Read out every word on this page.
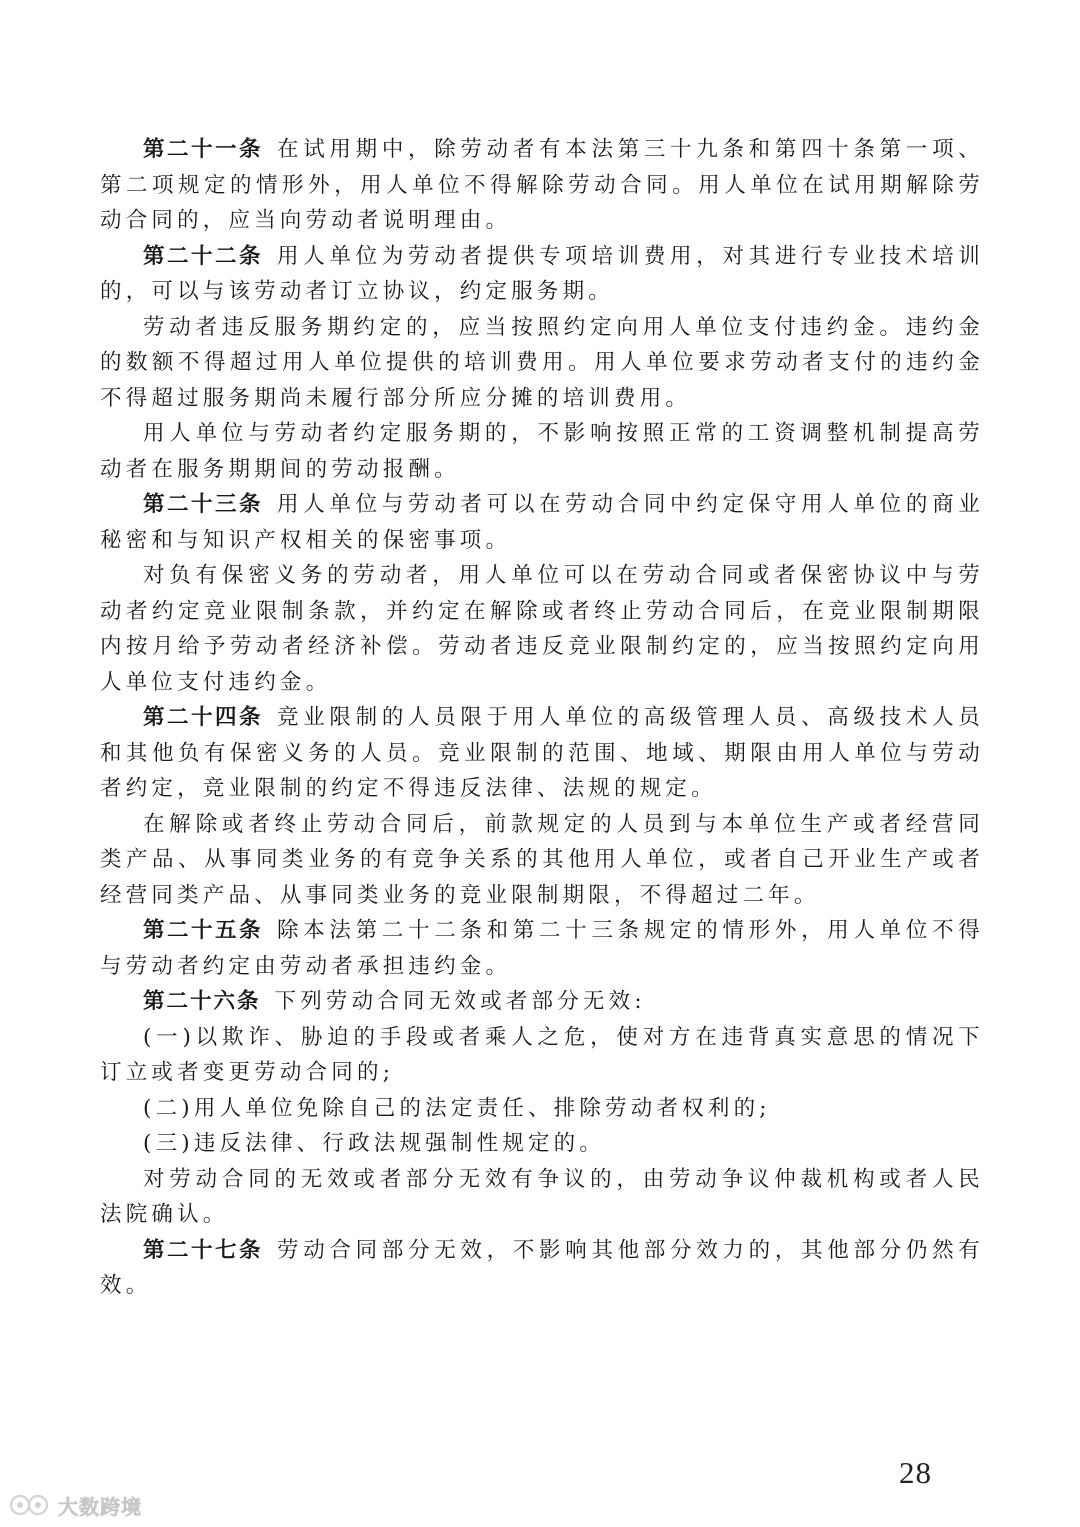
第二十一条 在试用期中，除劳动者有本法第三十九条和第四十条第一项、第二项规定的情形外，用人单位不得解除劳动合同。用人单位在试用期解除劳动合同的，应当向劳动者说明理由。

第二十二条 用人单位为劳动者提供专项培训费用，对其进行专业技术培训的，可以与该劳动者订立协议，约定服务期。

劳动者违反服务期约定的，应当按照约定向用人单位支付违约金。违约金的数额不得超过用人单位提供的培训费用。用人单位要求劳动者支付的违约金不得超过服务期尚未履行部分所应分摊的培训费用。

用人单位与劳动者约定服务期的，不影响按照正常的工资调整机制提高劳动者在服务期期间的劳动报酬。

第二十三条 用人单位与劳动者可以在劳动合同中约定保守用人单位的商业秘密和与知识产权相关的保密事项。

对负有保密义务的劳动者，用人单位可以在劳动合同或者保密协议中与劳动者约定竞业限制条款，并约定在解除或者终止劳动合同后，在竞业限制期限内按月给予劳动者经济补偿。劳动者违反竞业限制约定的，应当按照约定向用人单位支付违约金。

第二十四条 竞业限制的人员限于用人单位的高级管理人员、高级技术人员和其他负有保密义务的人员。竞业限制的范围、地域、期限由用人单位与劳动者约定，竞业限制的约定不得违反法律、法规的规定。

在解除或者终止劳动合同后，前款规定的人员到与本单位生产或者经营同类产品、从事同类业务的有竞争关系的其他用人单位，或者自己开业生产或者经营同类产品、从事同类业务的竞业限制期限，不得超过二年。

第二十五条 除本法第二十二条和第二十三条规定的情形外，用人单位不得与劳动者约定由劳动者承担违约金。

第二十六条 下列劳动合同无效或者部分无效:

(一)以欺诈、胁迫的手段或者乘人之危，使对方在违背真实意思的情况下订立或者变更劳动合同的;

(二)用人单位免除自己的法定责任、排除劳动者权利的;

(三)违反法律、行政法规强制性规定的。

对劳动合同的无效或者部分无效有争议的，由劳动争议仲裁机构或者人民法院确认。

第二十七条 劳动合同部分无效，不影响其他部分效力的，其他部分仍然有效。

28
大数跨境
